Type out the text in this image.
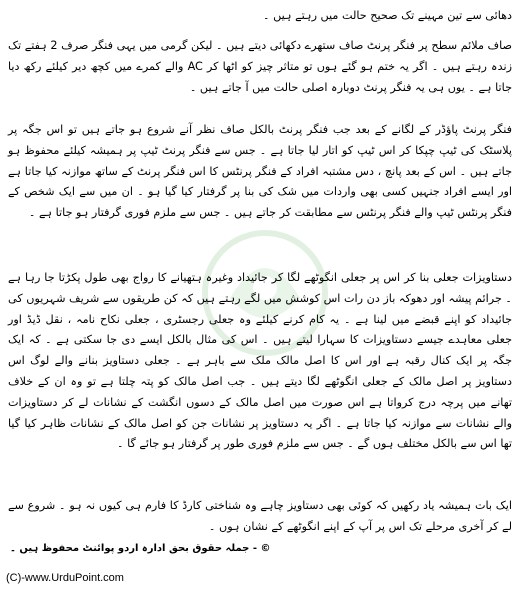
دھائی سے تین مہینے تک صحیح حالت میں رہتے ہیں ۔

صاف ملائم سطح پر فنگر پرنٹ صاف ستھرے دکھائی دیتے ہیں ۔ لیکن گرمی میں یہی فنگر صرف 2 ہفتے تک زندہ رہتے ہیں ۔ اگر یہ ختم ہو گئے ہوں تو متاثر چیز کو اٹھا کر AC والے کمرے میں کچھ دیر کیلئے رکھ دیا جاتا ہے ۔ یوں ہی یہ فنگر پرنٹ دوبارہ اصلی حالت میں آ جاتے ہیں ۔

فنگر پرنٹ پاؤڈر کے لگانے کے بعد جب فنگر پرنٹ بالکل صاف نظر آنے شروع ہو جاتے ہیں تو اس جگہ پر پلاسٹک کی ٹیپ چپکا کر اس ٹیپ کو اتار لیا جاتا ہے ۔ جس سے فنگر پرنٹ ٹیپ پر ہمیشہ کیلئے محفوظ ہو جاتے ہیں ۔ اس کے بعد پانچ ، دس مشتبہ افراد کے فنگر پرنٹس کا اس فنگر پرنٹ کے ساتھ موازنہ کیا جاتا ہے اور ایسے افراد جنہیں کسی بھی واردات میں شک کی بنا پر گرفتار کیا گیا ہو ۔ ان میں سے ایک شخص کے فنگر پرنٹس ٹیپ والے فنگر پرنٹس سے مطابقت کر جاتے ہیں ۔ جس سے ملزم فوری گرفتار ہو جاتا ہے ۔

دستاویزات جعلی بنا کر اس پر جعلی انگوٹھے لگا کر جائیداد وغیرہ ہتھیانے کا رواج بھی طول پکڑتا جا رہا ہے ۔ جرائم پیشہ اور دھوکہ باز دن رات اس کوشش میں لگے رہتے ہیں کہ کن طریقوں سے شریف شہریوں کی جائیداد کو اپنے قبضے میں لینا ہے ۔ یہ کام کرنے کیلئے وہ جعلی رجسٹری ، جعلی نکاح نامہ ، نقل ڈیڈ اور جعلی معاہدے جیسے دستاویزات کا سہارا لیتے ہیں ۔ اس کی مثال بالکل ایسے دی جا سکتی ہے ۔ کہ ایک جگہ پر ایک کنال رقبہ ہے اور اس کا اصل مالک ملک سے باہر ہے ۔ جعلی دستاویز بنانے والے لوگ اس دستاویز پر اصل مالک کے جعلی انگوٹھے لگا دیتے ہیں ۔ جب اصل مالک کو پتہ چلتا ہے تو وہ ان کے خلاف تھانے میں پرچہ درج کرواتا ہے اس صورت میں اصل مالک کے دسوں انگشت کے نشانات لے کر دستاویزات والے نشانات سے موازنہ کیا جاتا ہے ۔ اگر یہ دستاویز پر نشانات جن کو اصل مالک کے نشانات ظاہر کیا گیا تھا اس سے بالکل مختلف ہوں گے ۔ جس سے ملزم فوری طور پر گرفتار ہو جائے گا ۔

ایک بات ہمیشہ یاد رکھیں کہ کوئی بھی دستاویز چاہے وہ شناختی کارڈ کا فارم ہی کیوں نہ ہو ۔ شروع سے لے کر آخری مرحلے تک اس پر آپ کے اپنے انگوٹھے کے نشان ہوں ۔

© - جملہ حقوق بحق ادارہ اردو پوائنٹ محفوظ ہیں ۔
(C)-www.UrduPoint.com
